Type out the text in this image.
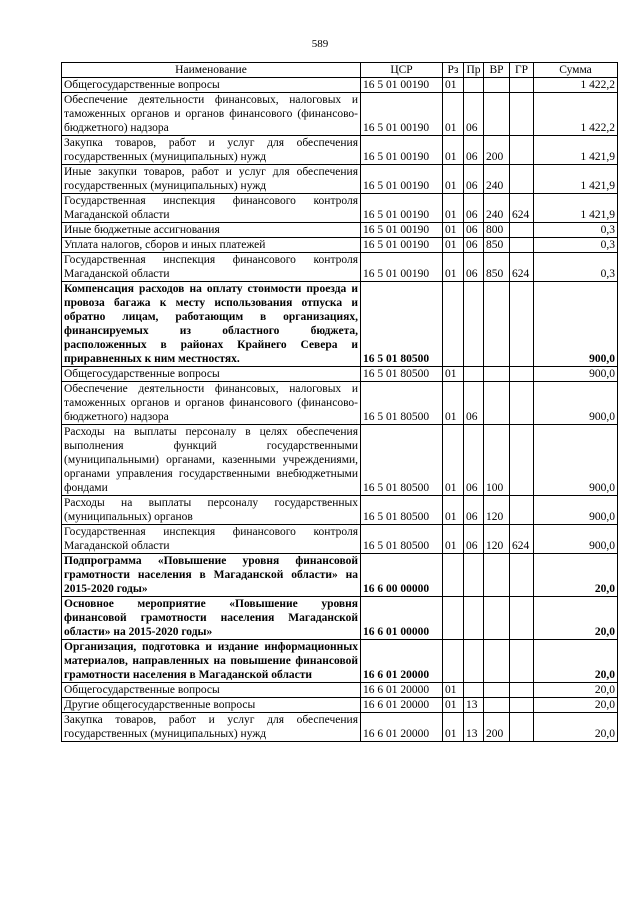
589
Наименование	ЦСР	Рз	Пр	ВР	ГР	Сумма
Общегосударственные вопросы	16 5 01 00190	01				1 422,2
Обеспечение деятельности финансовых, налоговых и таможенных органов и органов финансового (финансово-бюджетного) надзора	16 5 01 00190	01	06			1 422,2
Закупка товаров, работ и услуг для обеспечения государственных (муниципальных) нужд	16 5 01 00190	01	06	200		1 421,9
Иные закупки товаров, работ и услуг для обеспечения государственных (муниципальных) нужд	16 5 01 00190	01	06	240		1 421,9
Государственная инспекция финансового контроля Магаданской области	16 5 01 00190	01	06	240	624	1 421,9
Иные бюджетные ассигнования	16 5 01 00190	01	06	800		0,3
Уплата налогов, сборов и иных платежей	16 5 01 00190	01	06	850		0,3
Государственная инспекция финансового контроля Магаданской области	16 5 01 00190	01	06	850	624	0,3
Компенсация расходов на оплату стоимости проезда и провоза багажа к месту использования отпуска и обратно лицам, работающим в организациях, финансируемых из областного бюджета, расположенных в районах Крайнего Севера и приравненных к ним местностях.	16 5 01 80500					900,0
Общегосударственные вопросы	16 5 01 80500	01				900,0
Обеспечение деятельности финансовых, налоговых и таможенных органов и органов финансового (финансово-бюджетного) надзора	16 5 01 80500	01	06			900,0
Расходы на выплаты персоналу в целях обеспечения выполнения функций государственными (муниципальными) органами, казенными учреждениями, органами управления государственными внебюджетными фондами	16 5 01 80500	01	06	100		900,0
Расходы на выплаты персоналу государственных (муниципальных) органов	16 5 01 80500	01	06	120		900,0
Государственная инспекция финансового контроля Магаданской области	16 5 01 80500	01	06	120	624	900,0
Подпрограмма «Повышение уровня финансовой грамотности населения в Магаданской области» на 2015-2020 годы»	16 6 00 00000					20,0
Основное мероприятие «Повышение уровня финансовой грамотности населения Магаданской области» на 2015-2020 годы»	16 6 01 00000					20,0
Организация, подготовка и издание информационных материалов, направленных на повышение финансовой грамотности населения в Магаданской области	16 6 01 20000					20,0
Общегосударственные вопросы	16 6 01 20000	01				20,0
Другие общегосударственные вопросы	16 6 01 20000	01	13			20,0
Закупка товаров, работ и услуг для обеспечения государственных (муниципальных) нужд	16 6 01 20000	01	13	200		20,0
